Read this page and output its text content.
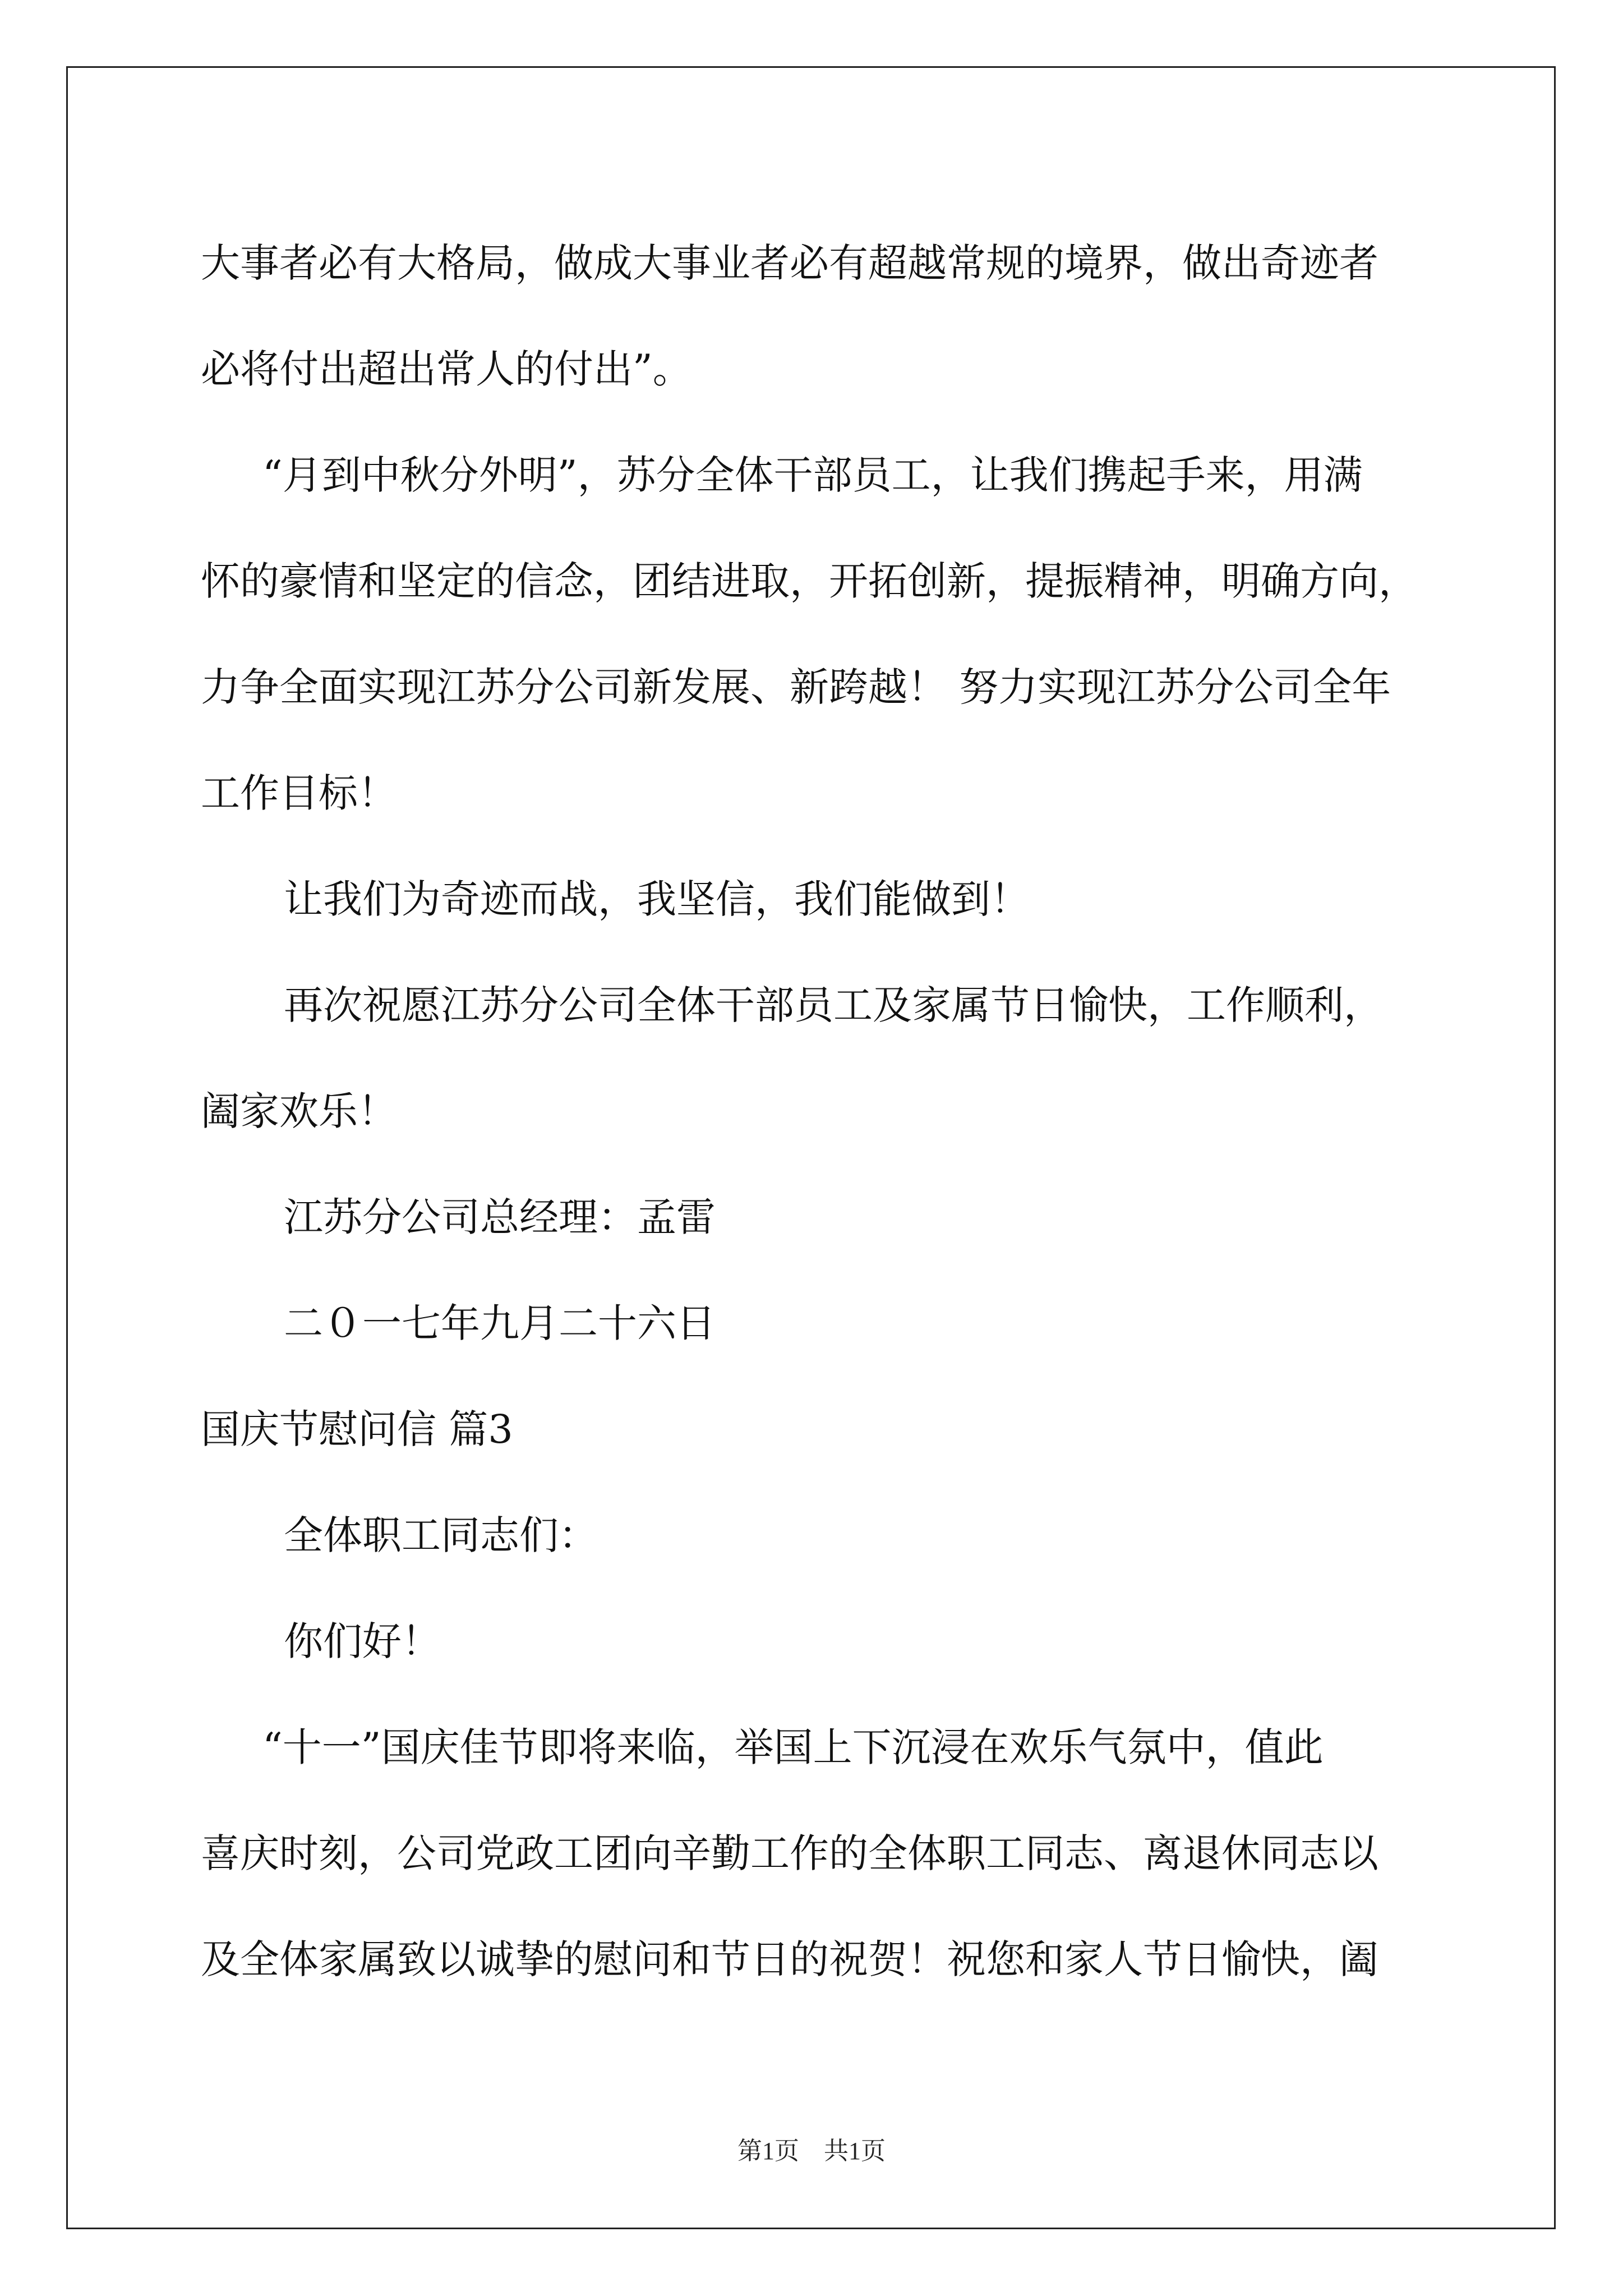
大事者必有大格局，做成大事业者必有超越常规的境界，做出奇迹者
必将付出超出常人的付出”。
“月到中秋分外明”，苏分全体干部员工，让我们携起手来，用满
怀的豪情和坚定的信念，团结进取，开拓创新，提振精神，明确方向，
力争全面实现江苏分公司新发展、新跨越！ 努力实现江苏分公司全年
工作目标！
让我们为奇迹而战，我坚信，我们能做到！
再次祝愿江苏分公司全体干部员工及家属节日愉快，工作顺利，
阖家欢乐！
江苏分公司总经理：孟雷
二０一七年九月二十六日
国庆节慰问信 篇3
全体职工同志们：
你们好！
“十一”国庆佳节即将来临，举国上下沉浸在欢乐气氛中，值此
喜庆时刻，公司党政工团向辛勤工作的全体职工同志、离退休同志以
及全体家属致以诚挚的慰问和节日的祝贺！祝您和家人节日愉快，阖
第1页　共1页
